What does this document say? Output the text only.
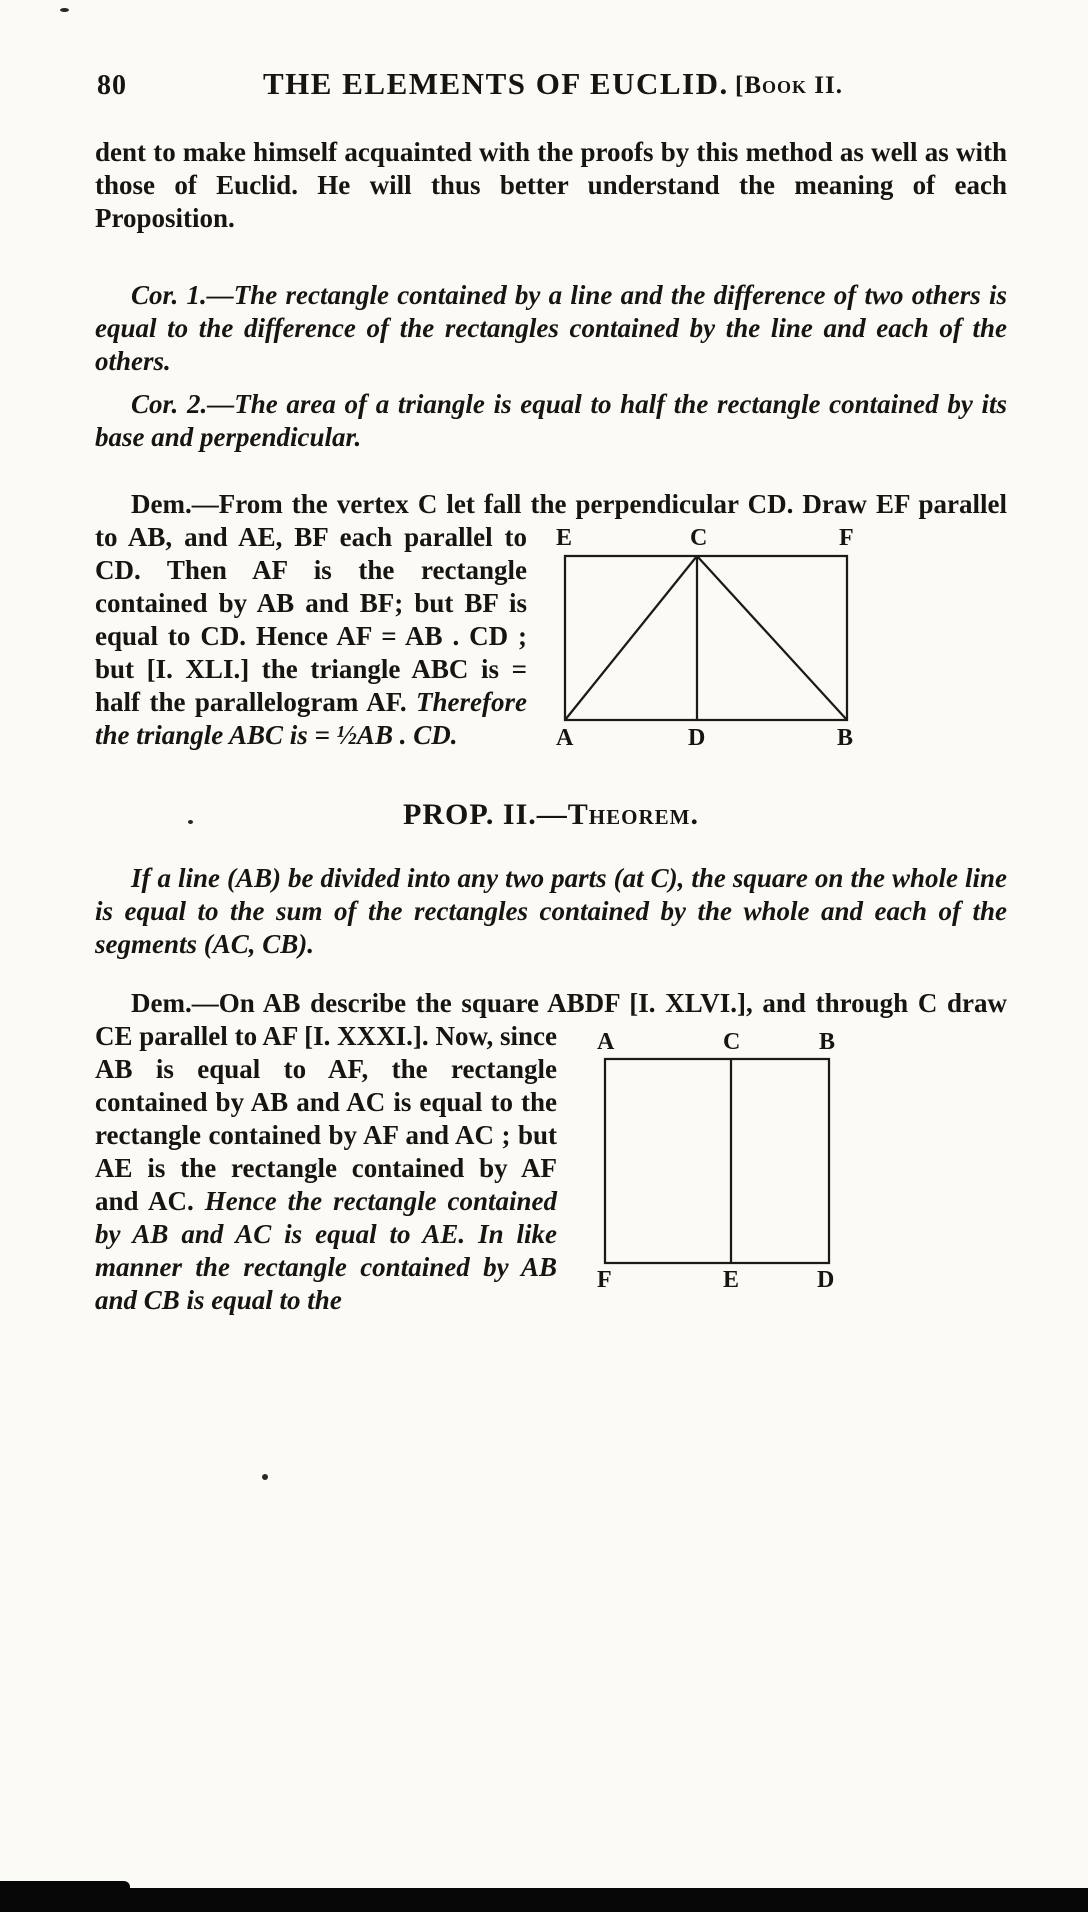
80	THE ELEMENTS OF EUCLID. [Book II.

dent to make himself acquainted with the proofs by this method as well as with those of Euclid. He will thus better understand the meaning of each Proposition.

Cor. 1.—The rectangle contained by a line and the difference of two others is equal to the difference of the rectangles contained by the line and each of the others.

Cor. 2.—The area of a triangle is equal to half the rectangle contained by its base and perpendicular.

E	C	F
A	D	B
Dem.—From the vertex C let fall the perpendicular CD. Draw EF parallel to AB, and AE, BF each parallel to CD. Then AF is the rectangle contained by AB and BF; but BF is equal to CD. Hence AF = AB . CD ; but [I. XLI.] the triangle ABC is = half the parallelogram AF. Therefore the triangle ABC is = ½AB . CD.

PROP. II.—Theorem.

If a line (AB) be divided into any two parts (at C), the square on the whole line is equal to the sum of the rectangles contained by the whole and each of the segments (AC, CB).

A	C	B
F	E	D
Dem.—On AB describe the square ABDF [I. XLVI.], and through C draw CE parallel to AF [I. XXXI.]. Now, since AB is equal to AF, the rectangle contained by AB and AC is equal to the rectangle contained by AF and AC ; but AE is the rectangle contained by AF and AC. Hence the rectangle contained by AB and AC is equal to AE. In like manner the rectangle contained by AB and CB is equal to the
